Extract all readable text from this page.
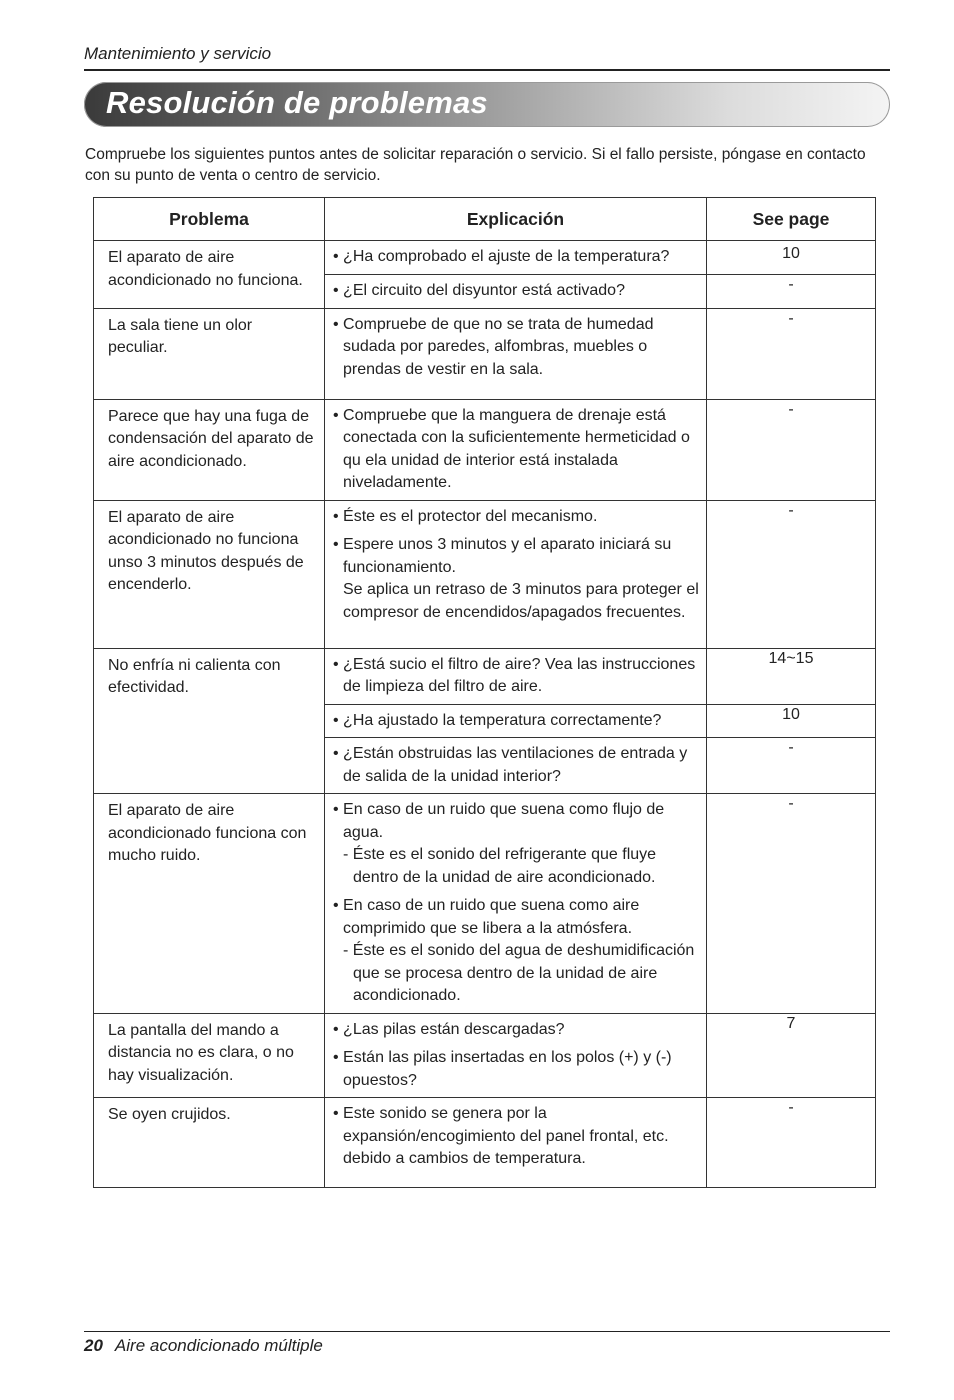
Mantenimiento y servicio
Resolución de problemas
Compruebe los siguientes puntos antes de solicitar reparación o servicio. Si el fallo persiste, póngase en contacto con su punto de venta o centro de servicio.
Problema	Explicación	See page
El aparato de aire acondicionado no funciona.	• ¿Ha comprobado el ajuste de la temperatura?	10

	• ¿El circuito del disyuntor está activado?	-
La sala tiene un olor peculiar.	• Compruebe de que no se trata de humedad sudada por paredes, alfombras, muebles o prendas de vestir en la sala.	-
Parece que hay una fuga de condensación del aparato de aire acondicionado.	• Compruebe que la manguera de drenaje está conectada con la suficientemente hermeticidad o qu ela unidad de interior está instalada niveladamente.	-
El aparato de aire acondicionado no funciona unso 3 minutos después de encenderlo.	• Éste es el protector del mecanismo.
• Espere unos 3 minutos y el aparato iniciará su funcionamiento.
Se aplica un retraso de 3 minutos para proteger el compresor de encendidos/apagados frecuentes.	-
No enfría ni calienta con efectividad.	• ¿Está sucio el filtro de aire? Vea las instrucciones de limpieza del filtro de aire.	14~15

	• ¿Ha ajustado la temperatura correctamente?	10

	• ¿Están obstruidas las ventilaciones de entrada y de salida de la unidad interior?	-
El aparato de aire acondicionado funciona con mucho ruido.	• En caso de un ruido que suena como flujo de agua.
- Éste es el sonido del refrigerante que fluye dentro de la unidad de aire acondicionado.
• En caso de un ruido que suena como aire comprimido que se libera a la atmósfera.
- Éste es el sonido del agua de deshumidificación que se procesa dentro de la unidad de aire acondicionado.	-
La pantalla del mando a distancia no es clara, o no hay visualización.	• ¿Las pilas están descargadas?
• Están las pilas insertadas en los polos (+) y (-) opuestos?	7
Se oyen crujidos.	• Este sonido se genera por la expansión/encogimiento del panel frontal, etc. debido a cambios de temperatura.	-
20 Aire acondicionado múltiple
